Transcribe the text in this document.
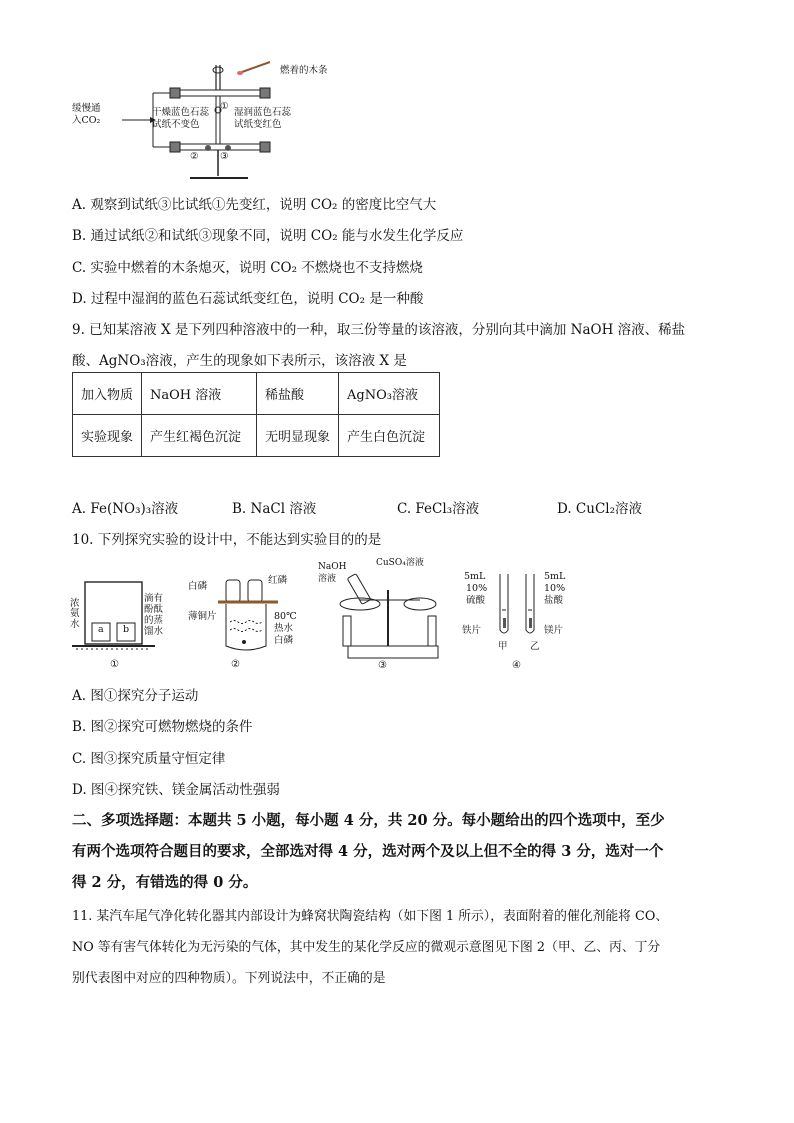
缓慢通
入CO₂
燃着的木条
干燥蓝色石蕊
试纸不变色
湿润蓝色石蕊
试纸变红色
①
② ③
A. 观察到试纸③比试纸①先变红，说明 CO₂ 的密度比空气大
B. 通过试纸②和试纸③现象不同，说明 CO₂ 能与水发生化学反应
C. 实验中燃着的木条熄灭，说明 CO₂ 不燃烧也不支持燃烧
D. 过程中湿润的蓝色石蕊试纸变红色，说明 CO₂ 是一种酸
9. 已知某溶液 X 是下列四种溶液中的一种，取三份等量的该溶液，分别向其中滴加 NaOH 溶液、稀盐
酸、AgNO₃溶液，产生的现象如下表所示，该溶液 X 是
加入物质	NaOH 溶液	稀盐酸	AgNO₃溶液
实验现象	产生红褐色沉淀	无明显现象	产生白色沉淀
A. Fe(NO₃)₃溶液	B. NaCl 溶液	C. FeCl₃溶液	D. CuCl₂溶液
10. 下列探究实验的设计中，不能达到实验目的的是
浓
氨
水
滴有
酚酞
的蒸
馏水
a b
①
白磷
红磷
薄铜片	80℃
热水
白磷
②
NaOH
溶液
CuSO₄溶液
③
5mL
10%
硫酸
5mL
10%
盐酸
铁片	镁片
甲 乙
④
A. 图①探究分子运动
B. 图②探究可燃物燃烧的条件
C. 图③探究质量守恒定律
D. 图④探究铁、镁金属活动性强弱
二、多项选择题：本题共 5 小题，每小题 4 分，共 20 分。每小题给出的四个选项中，至少
有两个选项符合题目的要求，全部选对得 4 分，选对两个及以上但不全的得 3 分，选对一个
得 2 分，有错选的得 0 分。
11. 某汽车尾气净化转化器其内部设计为蜂窝状陶瓷结构（如下图 1 所示），表面附着的催化剂能将 CO、
NO 等有害气体转化为无污染的气体，其中发生的某化学反应的微观示意图见下图 2（甲、乙、丙、丁分
别代表图中对应的四种物质）。下列说法中，不正确的是
